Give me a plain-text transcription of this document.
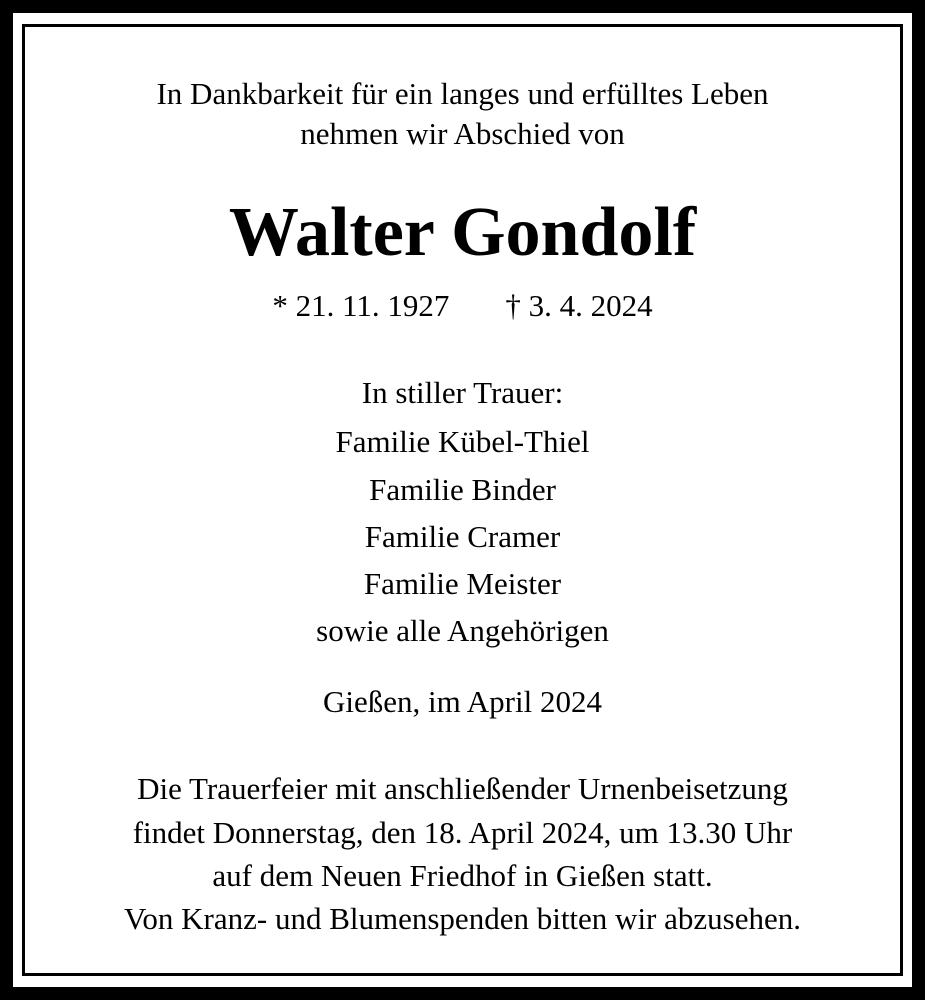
In Dankbarkeit für ein langes und erfülltes Leben
nehmen wir Abschied von
Walter Gondolf
* 21. 11. 1927 † 3. 4. 2024
In stiller Trauer:
Familie Kübel-Thiel
Familie Binder
Familie Cramer
Familie Meister
sowie alle Angehörigen
Gießen, im April 2024
Die Trauerfeier mit anschließender Urnenbeisetzung
findet Donnerstag, den 18. April 2024, um 13.30 Uhr
auf dem Neuen Friedhof in Gießen statt.
Von Kranz- und Blumenspenden bitten wir abzusehen.
